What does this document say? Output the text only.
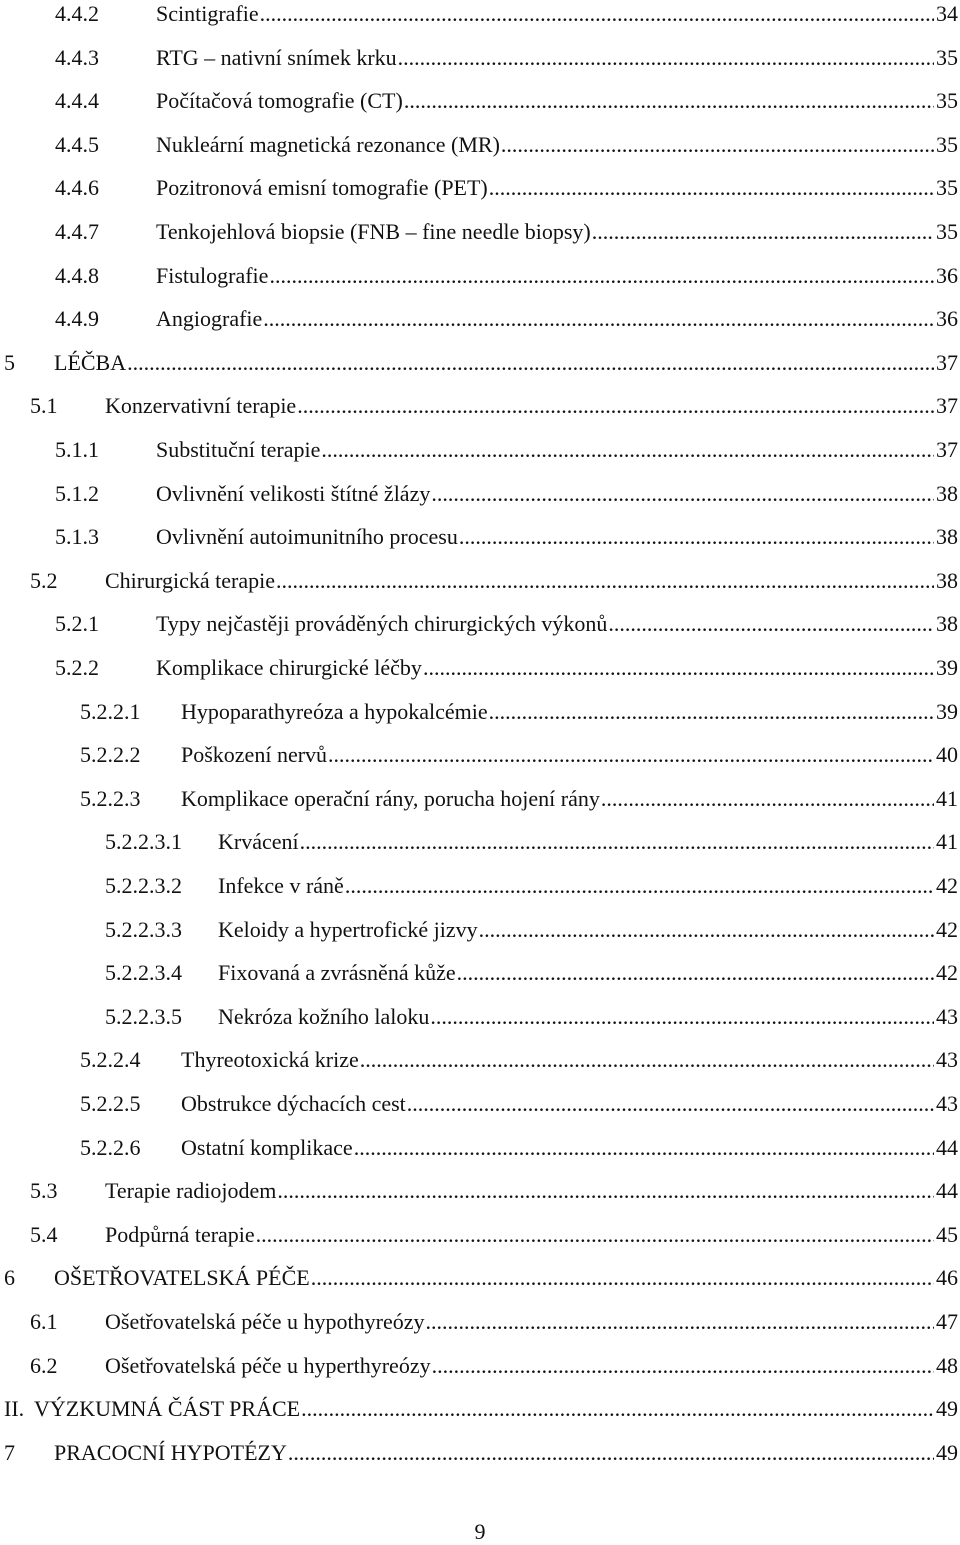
4.4.2	Scintigrafie .....	34
4.4.3	RTG – nativní snímek krku .....	35
4.4.4	Počítačová tomografie (CT) .....	35
4.4.5	Nukleární magnetická rezonance (MR) .....	35
4.4.6	Pozitronová emisní tomografie (PET) .....	35
4.4.7	Tenkojehlová biopsie (FNB – fine needle biopsy) .....	35
4.4.8	Fistulografie .....	36
4.4.9	Angiografie .....	36
5	LÉČBA .....	37
5.1	Konzervativní terapie .....	37
5.1.1	Substituční terapie .....	37
5.1.2	Ovlivnění velikosti štítné žlázy .....	38
5.1.3	Ovlivnění autoimunitního procesu .....	38
5.2	Chirurgická terapie .....	38
5.2.1	Typy nejčastěji prováděných chirurgických výkonů .....	38
5.2.2	Komplikace chirurgické léčby .....	39
5.2.2.1	Hypoparathyreóza a hypokalcémie .....	39
5.2.2.2	Poškození nervů .....	40
5.2.2.3	Komplikace operační rány, porucha hojení rány .....	41
5.2.2.3.1	Krvácení .....	41
5.2.2.3.2	Infekce v ráně .....	42
5.2.2.3.3	Keloidy a hypertrofické jizvy .....	42
5.2.2.3.4	Fixovaná a zvrásněná kůže .....	42
5.2.2.3.5	Nekróza kožního laloku .....	43
5.2.2.4	Thyreotoxická krize .....	43
5.2.2.5	Obstrukce dýchacích cest .....	43
5.2.2.6	Ostatní komplikace .....	44
5.3	Terapie radiojodem .....	44
5.4	Podpůrná terapie .....	45
6	OŠETŘOVATELSKÁ PÉČE .....	46
6.1	Ošetřovatelská péče u hypothyreózy .....	47
6.2	Ošetřovatelská péče u hyperthyreózy .....	48
II. VÝZKUMNÁ ČÁST PRÁCE .....	49
7	PRACOCNÍ HYPOTÉZY .....	49
9
